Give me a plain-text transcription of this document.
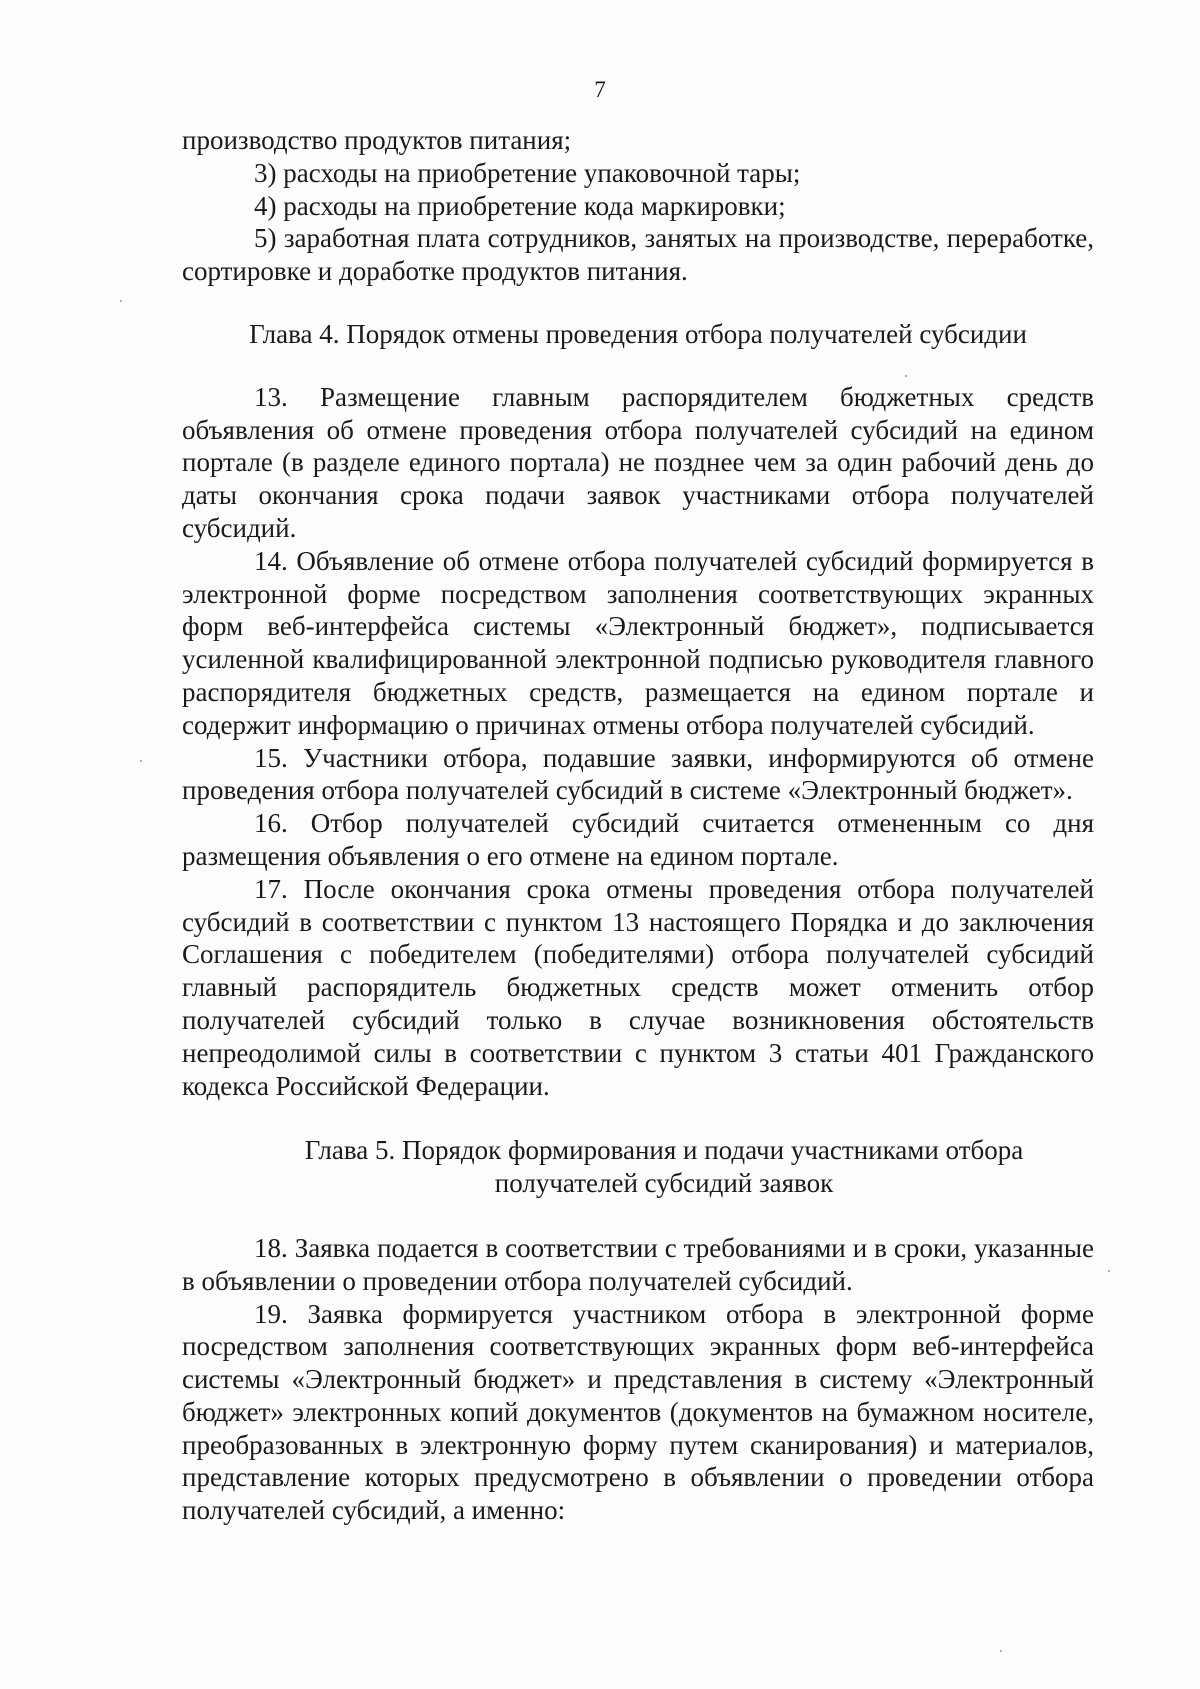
7

производство продуктов питания;

3) расходы на приобретение упаковочной тары;

4) расходы на приобретение кода маркировки;

5) заработная плата сотрудников, занятых на производстве, переработке, сортировке и доработке продуктов питания.

Глава 4. Порядок отмены проведения отбора получателей субсидии

13. Размещение главным распорядителем бюджетных средств объявления об отмене проведения отбора получателей субсидий на едином портале (в разделе единого портала) не позднее чем за один рабочий день до даты окончания срока подачи заявок участниками отбора получателей субсидий.

14. Объявление об отмене отбора получателей субсидий формируется в электронной форме посредством заполнения соответствующих экранных форм веб-интерфейса системы «Электронный бюджет», подписывается усиленной квалифицированной электронной подписью руководителя главного распорядителя бюджетных средств, размещается на едином портале и содержит информацию о причинах отмены отбора получателей субсидий.

15. Участники отбора, подавшие заявки, информируются об отмене проведения отбора получателей субсидий в системе «Электронный бюджет».

16. Отбор получателей субсидий считается отмененным со дня размещения объявления о его отмене на едином портале.

17. После окончания срока отмены проведения отбора получателей субсидий в соответствии с пунктом 13 настоящего Порядка и до заключения Соглашения с победителем (победителями) отбора получателей субсидий главный распорядитель бюджетных средств может отменить отбор получателей субсидий только в случае возникновения обстоятельств непреодолимой силы в соответствии с пунктом 3 статьи 401 Гражданского кодекса Российской Федерации.

Глава 5. Порядок формирования и подачи участниками отбора
получателей субсидий заявок

18. Заявка подается в соответствии с требованиями и в сроки, указанные в объявлении о проведении отбора получателей субсидий.

19. Заявка формируется участником отбора в электронной форме посредством заполнения соответствующих экранных форм веб-интерфейса системы «Электронный бюджет» и представления в систему «Электронный бюджет» электронных копий документов (документов на бумажном носителе, преобразованных в электронную форму путем сканирования) и материалов, представление которых предусмотрено в объявлении о проведении отбора получателей субсидий, а именно:
